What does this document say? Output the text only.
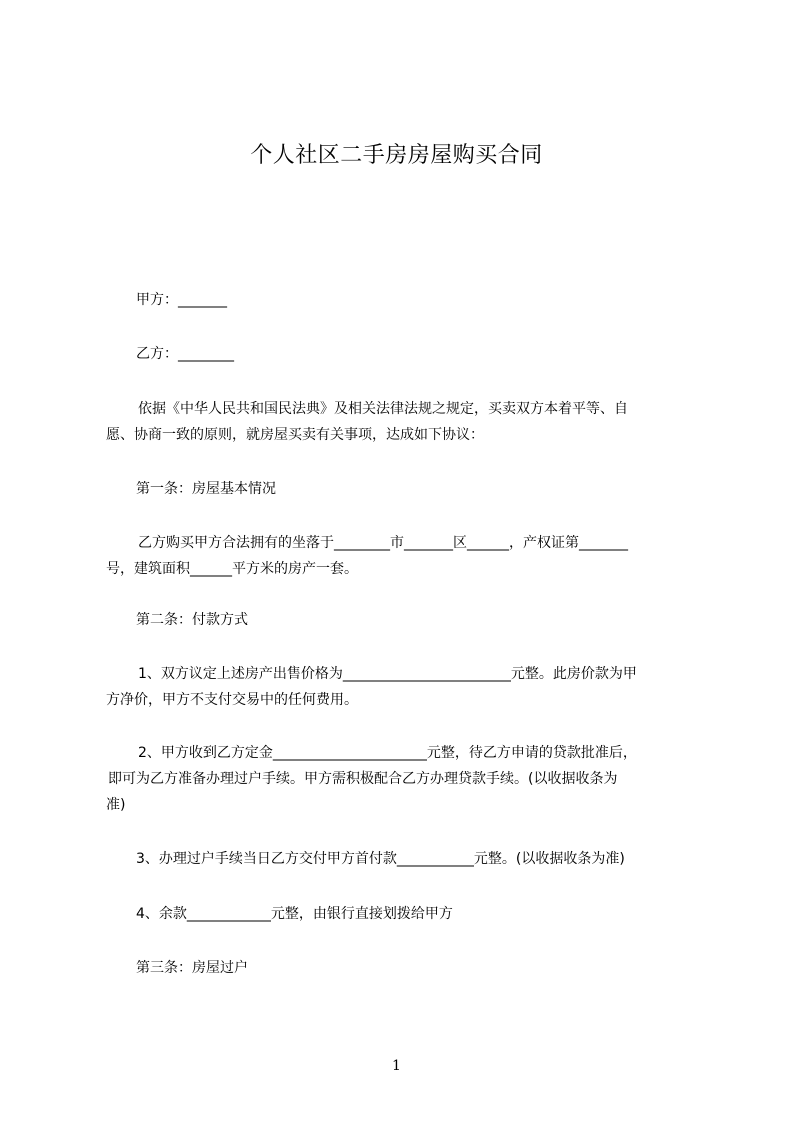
个人社区二手房房屋购买合同
甲方：_______
乙方：________
依据《中华人民共和国民法典》及相关法律法规之规定，买卖双方本着平等、自
愿、协商一致的原则，就房屋买卖有关事项，达成如下协议：
第一条：房屋基本情况
乙方购买甲方合法拥有的坐落于________市_______区______，产权证第_______
号，建筑面积______平方米的房产一套。
第二条：付款方式
1、双方议定上述房产出售价格为________________________元整。此房价款为甲
方净价，甲方不支付交易中的任何费用。
2、甲方收到乙方定金______________________元整，待乙方申请的贷款批准后，
即可为乙方准备办理过户手续。甲方需积极配合乙方办理贷款手续。(以收据收条为
准)
3、办理过户手续当日乙方交付甲方首付款___________元整。(以收据收条为准)
4、余款____________元整，由银行直接划拨给甲方
第三条：房屋过户
1
